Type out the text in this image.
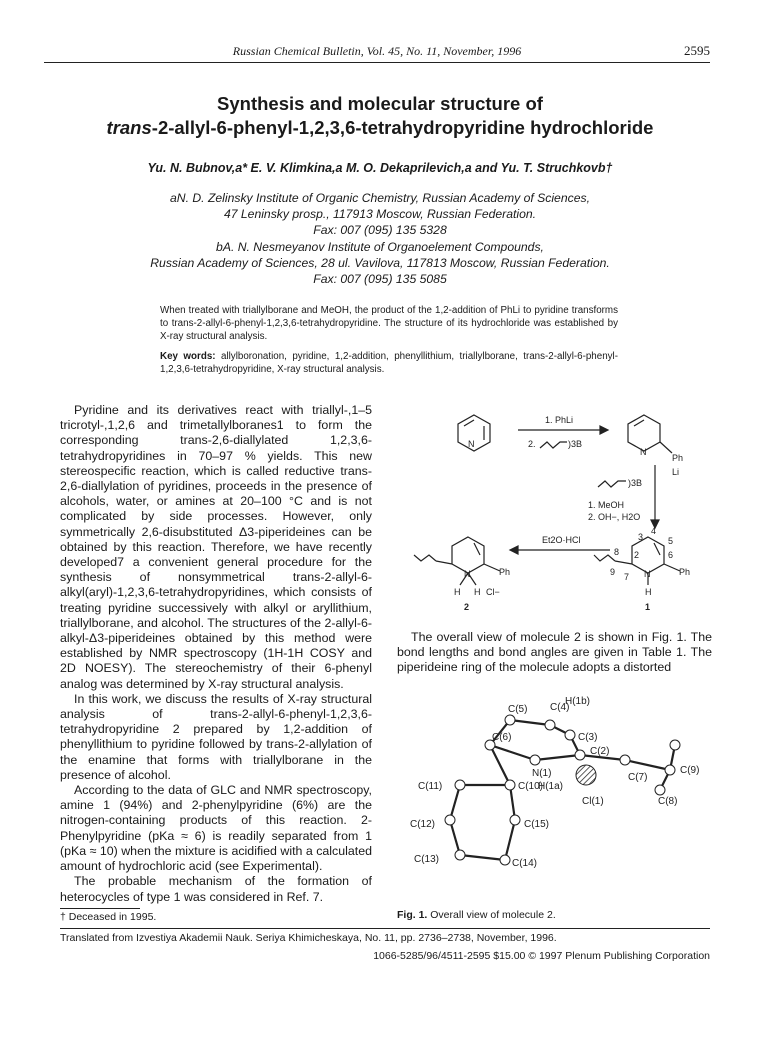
Russian Chemical Bulletin, Vol. 45, No. 11, November, 1996	2595
Synthesis and molecular structure of
trans-2-allyl-6-phenyl-1,2,3,6-tetrahydropyridine hydrochloride
Yu. N. Bubnov,a* E. V. Klimkina,a M. O. Dekaprilevich,a and Yu. T. Struchkovb†
aN. D. Zelinsky Institute of Organic Chemistry, Russian Academy of Sciences,
47 Leninsky prosp., 117913 Moscow, Russian Federation.
Fax: 007 (095) 135 5328
bA. N. Nesmeyanov Institute of Organoelement Compounds,
Russian Academy of Sciences, 28 ul. Vavilova, 117813 Moscow, Russian Federation.
Fax: 007 (095) 135 5085
When treated with triallylborane and MeOH, the product of the 1,2-addition of PhLi to pyridine transforms to trans-2-allyl-6-phenyl-1,2,3,6-tetrahydropyridine. The structure of its hydrochloride was established by X-ray structural analysis.
Key words: allylboronation, pyridine, 1,2-addition, phenyllithium, triallylborane, trans-2-allyl-6-phenyl-1,2,3,6-tetrahydropyridine, X-ray structural analysis.

Pyridine and its derivatives react with triallyl-,1–5 tricrotyl-,1,2,6 and trimetallylboranes1 to form the corresponding trans-2,6-diallylated 1,2,3,6-tetrahydropyridines in 70–97 % yields. This new stereospecific reaction, which is called reductive trans-2,6-diallylation of pyridines, proceeds in the presence of alcohols, water, or amines at 20–100 °C and is not complicated by side processes. However, only symmetrically 2,6-disubstituted Δ3-piperideines can be obtained by this reaction. Therefore, we have recently developed7 a convenient general procedure for the synthesis of nonsymmetrical trans-2-allyl-6-alkyl(aryl)-1,2,3,6-tetrahydropyridines, which consists of treating pyridine successively with alkyl or aryllithium, triallylborane, and alcohol. The structures of the 2-allyl-6-alkyl-Δ3-piperideines obtained by this method were established by NMR spectroscopy (1H-1H COSY and 2D NOESY). The stereochemistry of their 6-phenyl analog was determined by X-ray structural analysis.

In this work, we discuss the results of X-ray structural analysis of trans-2-allyl-6-phenyl-1,2,3,6-tetrahydropyridine 2 prepared by 1,2-addition of phenyllithium to pyridine followed by trans-2-allylation of the enamine that forms with triallylborane in the presence of alcohol.

According to the data of GLC and NMR spectroscopy, amine 1 (94%) and 2-phenylpyridine (6%) are the nitrogen-containing products of this reaction. 2-Phenylpyridine (pKa ≈ 6) is readily separated from 1 (pKa ≈ 10) when the mixture is acidified with a calculated amount of hydrochloric acid (see Experimental).

The probable mechanism of the formation of heterocycles of type 1 was considered in Ref. 7.

† Deceased in 1995.
N
1. PhLi
2.	)3B
N
Ph
)3B
Li
1. MeOH
2. OH−, H2O
Et2O·HCl
4
3	5
2	6
8
9 7 N	Ph
H
1
N	Ph
H H Cl−
2

The overall view of molecule 2 is shown in Fig. 1. The bond lengths and bond angles are given in Table 1. The piperideine ring of the molecule adopts a distorted

H(1b)
C(5) C(4)
C(3)
C(6)
C(2)
N(1)
H(1a)
C(7)
C(9)
C(11)	C(10)
Cl(1)	C(8)
C(12)	C(15)
C(13)	C(14)
Fig. 1. Overall view of molecule 2.
Translated from Izvestiya Akademii Nauk. Seriya Khimicheskaya, No. 11, pp. 2736–2738, November, 1996.
1066-5285/96/4511-2595 $15.00 © 1997 Plenum Publishing Corporation
